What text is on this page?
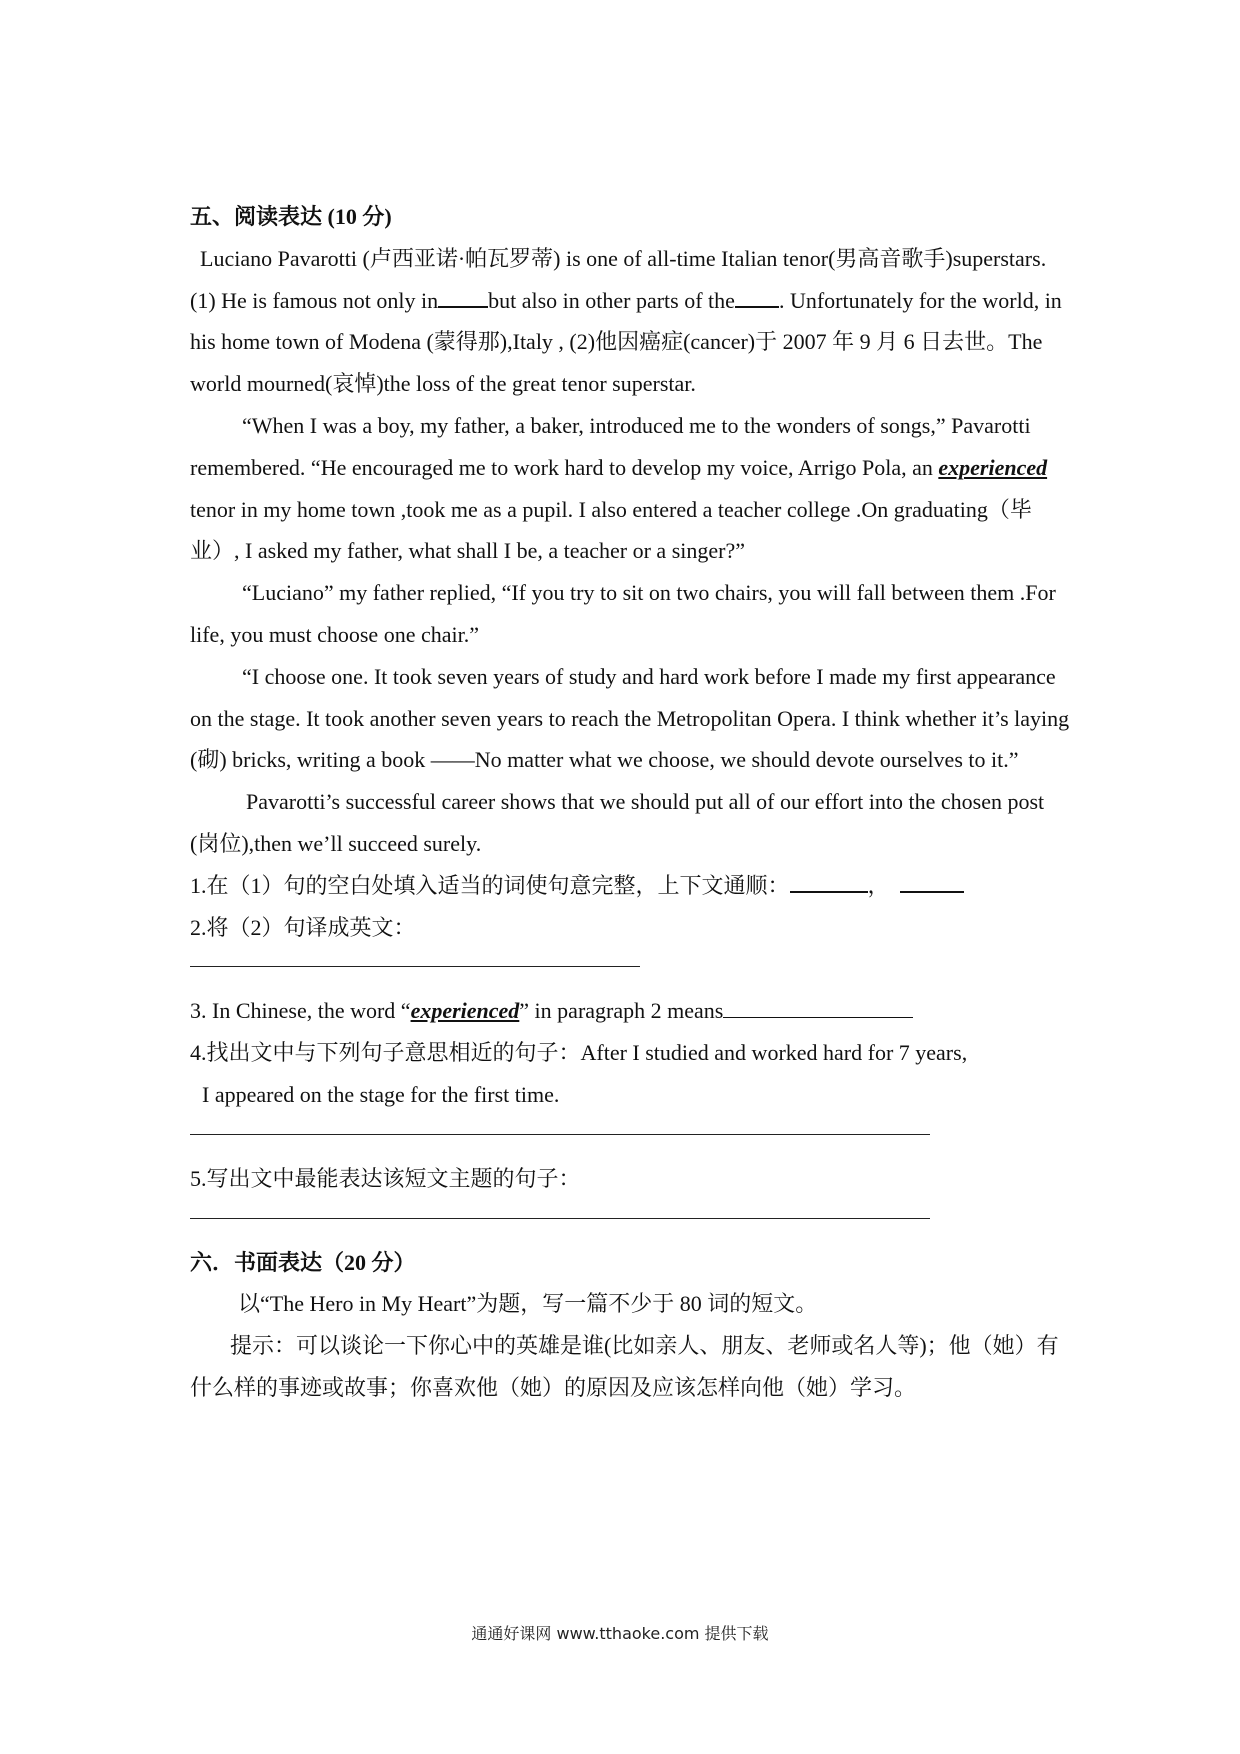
五、阅读表达 (10 分)

Luciano Pavarotti (卢西亚诺·帕瓦罗蒂) is one of all-time Italian tenor(男高音歌手)superstars. (1) He is famous not only in but also in other parts of the . Unfortunately for the world, in his home town of Modena (蒙得那),Italy , (2)他因癌症(cancer)于 2007 年 9 月 6 日去世。The world mourned(哀悼)the loss of the great tenor superstar.

“When I was a boy, my father, a baker, introduced me to the wonders of songs,” Pavarotti remembered. “He encouraged me to work hard to develop my voice, Arrigo Pola, an experienced tenor in my home town ,took me as a pupil. I also entered a teacher college .On graduating（毕业）, I asked my father, what shall I be, a teacher or a singer?”

“Luciano” my father replied, “If you try to sit on two chairs, you will fall between them .For life, you must choose one chair.”

“I choose one. It took seven years of study and hard work before I made my first appearance on the stage. It took another seven years to reach the Metropolitan Opera. I think whether it’s laying (砌) bricks, writing a book ——No matter what we choose, we should devote ourselves to it.”

Pavarotti’s successful career shows that we should put all of our effort into the chosen post (岗位),then we’ll succeed surely.

1.在（1）句的空白处填入适当的词使句意完整，上下文通顺：	，

2.将（2）句译成英文：

3. In Chinese, the word “experienced” in paragraph 2 means

4.找出文中与下列句子意思相近的句子：After I studied and worked hard for 7 years,

I appeared on the stage for the first time.

5.写出文中最能表达该短文主题的句子：

六．书面表达（20 分）

以“The Hero in My Heart”为题，写一篇不少于 80 词的短文。

提示：可以谈论一下你心中的英雄是谁(比如亲人、朋友、老师或名人等)；他（她）有什么样的事迹或故事；你喜欢他（她）的原因及应该怎样向他（她）学习。

通通好课网 www.tthaoke.com 提供下载
